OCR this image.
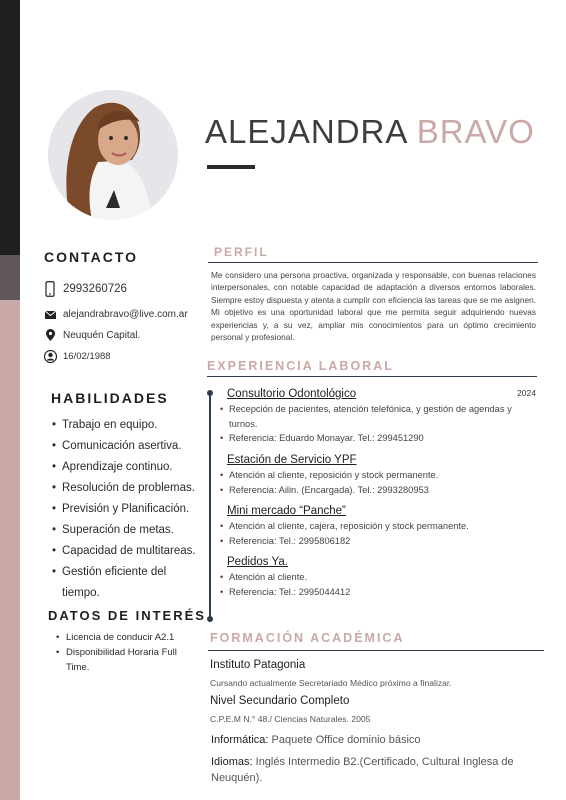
ALEJANDRA BRAVO
CONTACTO
2993260726
alejandrabravo@live.com.ar
Neuquén Capital.
16/02/1988
HABILIDADES
• Trabajo en equipo.
• Comunicación asertiva.
• Aprendizaje continuo.
• Resolución de problemas.
• Previsión y Planificación.
• Superación de metas.
• Capacidad de multitareas.
• Gestión eficiente del tiempo.
DATOS DE INTERÉS
• Licencia de conducir A2.1
• Disponibilidad Horaria Full Time.
PERFIL

Me considero una persona proactiva, organizada y responsable, con buenas relaciones interpersonales, con notable capacidad de adaptación a diversos entornos laborales. Siempre estoy dispuesta y atenta a cumplir con eficiencia las tareas que se me asignen. Mi objetivo es una oportunidad laboral que me permita seguir adquiriendo nuevas experiencias y, a su vez, ampliar mis conocimientos para un óptimo crecimiento personal y profesional.

EXPERIENCIA LABORAL
Consultorio Odontológico	2024
• Recepción de pacientes, atención telefónica, y gestión de agendas y turnos.
• Referencia: Eduardo Monayar. Tel.: 299451290
Estación de Servicio YPF
• Atención al cliente, reposición y stock permanente.
• Referencia: Ailin. (Encargada). Tel.: 2993280953
Mini mercado “Panche”
• Atención al cliente, cajera, reposición y stock permanente.
• Referencia: Tel.: 2995806182
Pedidos Ya.
• Atención al cliente.
• Referencia: Tel.: 2995044412
FORMACIÓN ACADÉMICA
Instituto Patagonia
Cursando actualmente Secretariado Médico próximo a finalizar.
Nivel Secundario Completo
C.P.E.M N.° 48./ Ciencias Naturales. 2005
Informática: Paquete Office dominio básico
Idiomas: Inglés Intermedio B2.(Certificado, Cultural Inglesa de Neuquén).
